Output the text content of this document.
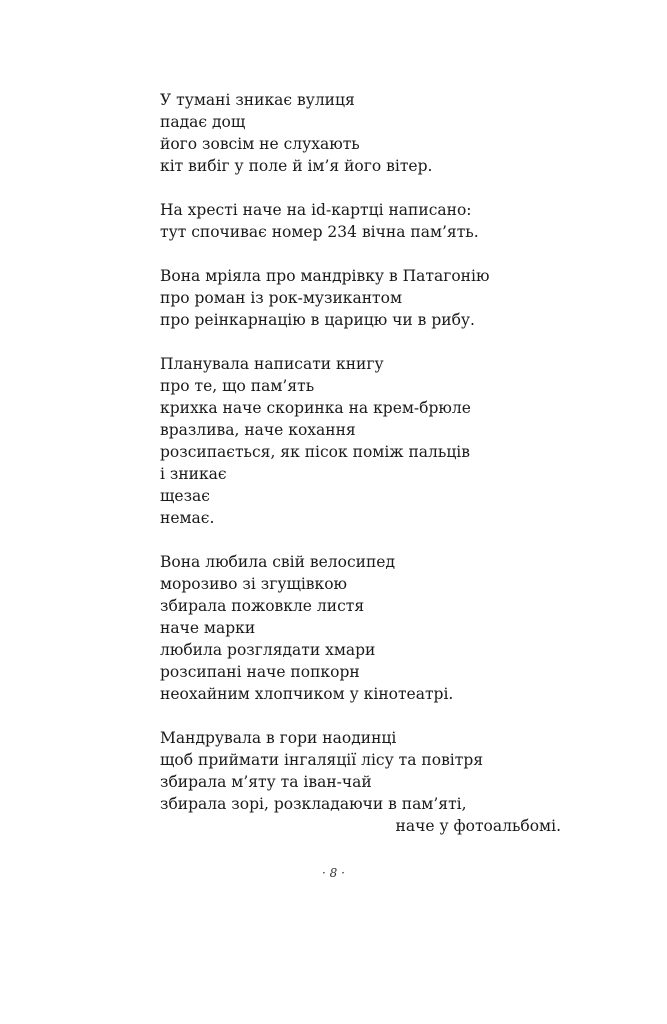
У тумані зникає вулиця
падає дощ
його зовсім не слухають
кіт вибіг у поле й ім’я його вітер.
На хресті наче на id-картці написано:
тут спочиває номер 234 вічна пам’ять.
Вона мріяла про мандрівку в Патагонію
про роман із рок-музикантом
про реінкарнацію в царицю чи в рибу.
Планувала написати книгу
про те, що пам’ять
крихка наче скоринка на крем-брюле
вразлива, наче кохання
розсипається, як пісок поміж пальців
і зникає
щезає
немає.
Вона любила свій велосипед
морозиво зі згущівкою
збирала пожовклe листя
наче марки
любила розглядати хмари
розсипані наче попкорн
неохайним хлопчиком у кінотеатрі.
Мандрувала в гори наодинці
щоб приймати інгаляції лісу та повітря
збирала м’яту та іван-чай
збирала зорі, розкладаючи в пам’яті,
наче у фотоальбомі.
· 8 ·
